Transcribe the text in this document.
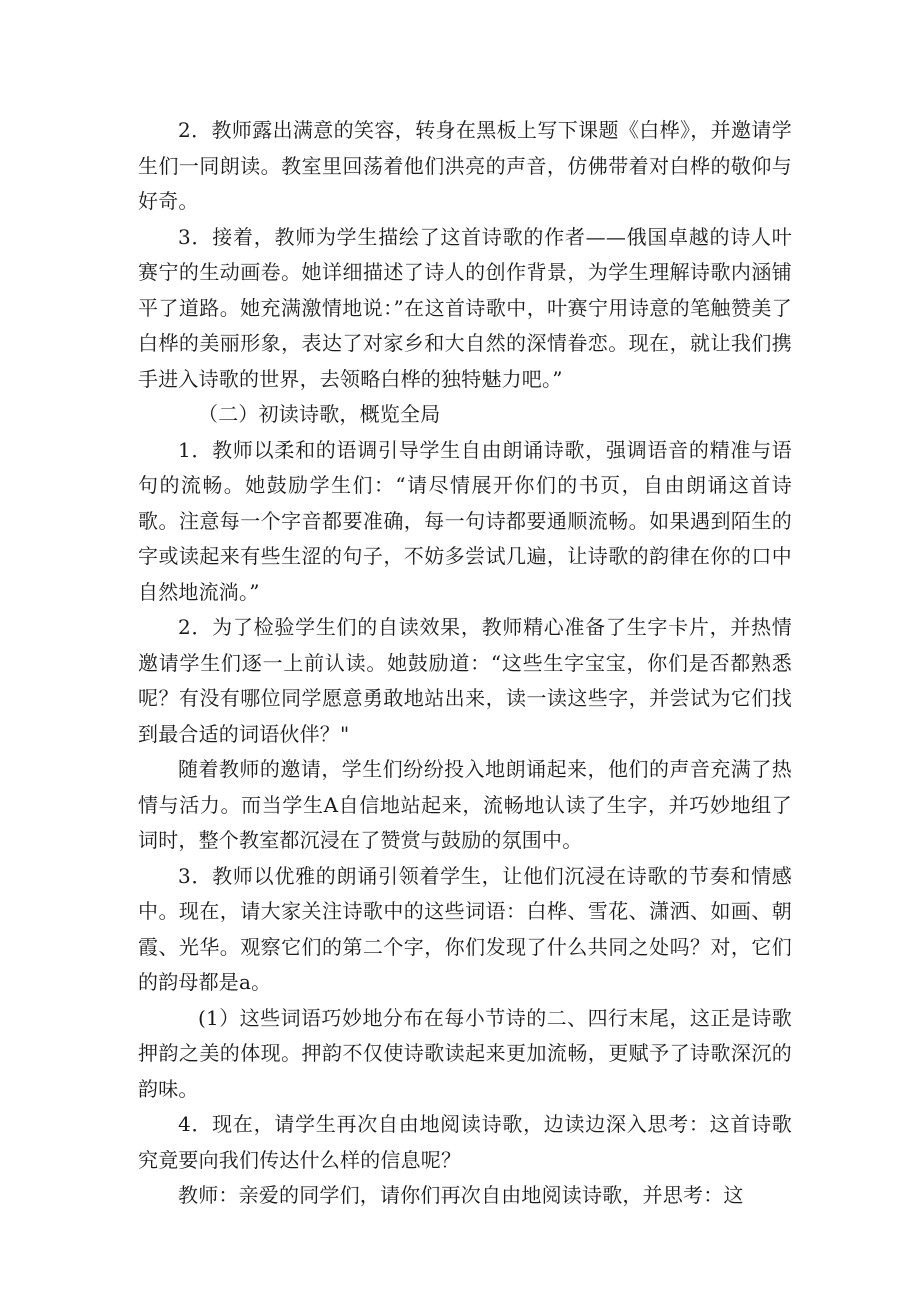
2．教师露出满意的笑容，转身在黑板上写下课题《白桦》，并邀请学生们一同朗读。教室里回荡着他们洪亮的声音，仿佛带着对白桦的敬仰与好奇。

3．接着，教师为学生描绘了这首诗歌的作者——俄国卓越的诗人叶赛宁的生动画卷。她详细描述了诗人的创作背景，为学生理解诗歌内涵铺平了道路。她充满激情地说：”在这首诗歌中，叶赛宁用诗意的笔触赞美了白桦的美丽形象，表达了对家乡和大自然的深情眷恋。现在，就让我们携手进入诗歌的世界，去领略白桦的独特魅力吧。”

（二）初读诗歌，概览全局

1．教师以柔和的语调引导学生自由朗诵诗歌，强调语音的精准与语句的流畅。她鼓励学生们：“请尽情展开你们的书页，自由朗诵这首诗歌。注意每一个字音都要准确，每一句诗都要通顺流畅。如果遇到陌生的字或读起来有些生涩的句子，不妨多尝试几遍，让诗歌的韵律在你的口中自然地流淌。”

2．为了检验学生们的自读效果，教师精心准备了生字卡片，并热情邀请学生们逐一上前认读。她鼓励道：“这些生字宝宝，你们是否都熟悉呢？有没有哪位同学愿意勇敢地站出来，读一读这些字，并尝试为它们找到最合适的词语伙伴？"

随着教师的邀请，学生们纷纷投入地朗诵起来，他们的声音充满了热情与活力。而当学生A自信地站起来，流畅地认读了生字，并巧妙地组了词时，整个教室都沉浸在了赞赏与鼓励的氛围中。

3．教师以优雅的朗诵引领着学生，让他们沉浸在诗歌的节奏和情感中。现在，请大家关注诗歌中的这些词语：白桦、雪花、潇洒、如画、朝霞、光华。观察它们的第二个字，你们发现了什么共同之处吗？对，它们的韵母都是a。

(1）这些词语巧妙地分布在每小节诗的二、四行末尾，这正是诗歌押韵之美的体现。押韵不仅使诗歌读起来更加流畅，更赋予了诗歌深沉的韵味。

4．现在，请学生再次自由地阅读诗歌，边读边深入思考：这首诗歌究竟要向我们传达什么样的信息呢？

教师：亲爱的同学们，请你们再次自由地阅读诗歌，并思考：这
